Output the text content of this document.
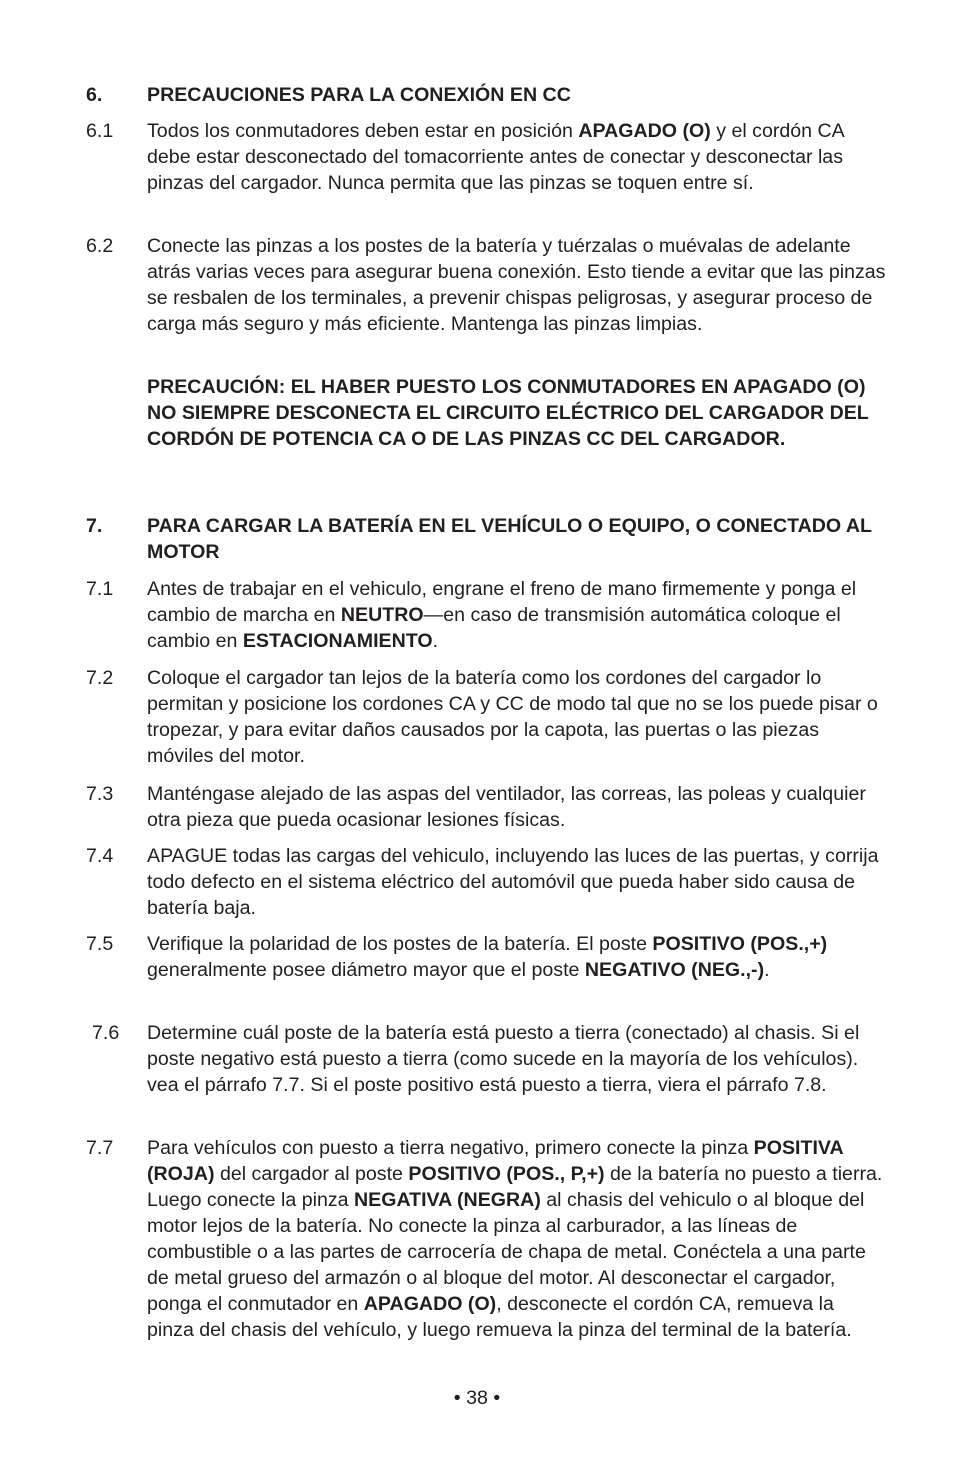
6.	PRECAUCIONES PARA LA CONEXIÓN EN CC
6.1	Todos los conmutadores deben estar en posición APAGADO (O) y el cordón CA debe estar desconectado del tomacorriente antes de conectar y desconectar las pinzas del cargador. Nunca permita que las pinzas se toquen entre sí.
6.2	Conecte las pinzas a los postes de la batería y tuérzalas o muévalas de adelante atrás varias veces para asegurar buena conexión. Esto tiende a evitar que las pinzas se resbalen de los terminales, a prevenir chispas peligrosas, y asegurar proceso de carga más seguro y más eficiente. Mantenga las pinzas limpias.
PRECAUCIÓN: EL HABER PUESTO LOS CONMUTADORES EN APAGADO (O) NO SIEMPRE DESCONECTA EL CIRCUITO ELÉCTRICO DEL CARGADOR DEL CORDÓN DE POTENCIA CA O DE LAS PINZAS CC DEL CARGADOR.
7.	PARA CARGAR LA BATERÍA EN EL VEHÍCULO O EQUIPO, O CONECTADO AL MOTOR
7.1	Antes de trabajar en el vehiculo, engrane el freno de mano firmemente y ponga el cambio de marcha en NEUTRO—en caso de transmisión automática coloque el cambio en ESTACIONAMIENTO.
7.2	Coloque el cargador tan lejos de la batería como los cordones del cargador lo permitan y posicione los cordones CA y CC de modo tal que no se los puede pisar o tropezar, y para evitar daños causados por la capota, las puertas o las piezas móviles del motor.
7.3	Manténgase alejado de las aspas del ventilador, las correas, las poleas y cualquier otra pieza que pueda ocasionar lesiones físicas.
7.4	APAGUE todas las cargas del vehiculo, incluyendo las luces de las puertas, y corrija todo defecto en el sistema eléctrico del automóvil que pueda haber sido causa de batería baja.
7.5	Verifique la polaridad de los postes de la batería. El poste POSITIVO (POS.,+) generalmente posee diámetro mayor que el poste NEGATIVO (NEG.,-).
7.6	Determine cuál poste de la batería está puesto a tierra (conectado) al chasis. Si el poste negativo está puesto a tierra (como sucede en la mayoría de los vehículos). vea el párrafo 7.7. Si el poste positivo está puesto a tierra, viera el párrafo 7.8.
7.7	Para vehículos con puesto a tierra negativo, primero conecte la pinza POSITIVA (ROJA) del cargador al poste POSITIVO (POS., P,+) de la batería no puesto a tierra. Luego conecte la pinza NEGATIVA (NEGRA) al chasis del vehiculo o al bloque del motor lejos de la batería. No conecte la pinza al carburador, a las líneas de combustible o a las partes de carrocería de chapa de metal. Conéctela a una parte de metal grueso del armazón o al bloque del motor. Al desconectar el cargador, ponga el conmutador en APAGADO (O), desconecte el cordón CA, remueva la pinza del chasis del vehículo, y luego remueva la pinza del terminal de la batería.
• 38 •
